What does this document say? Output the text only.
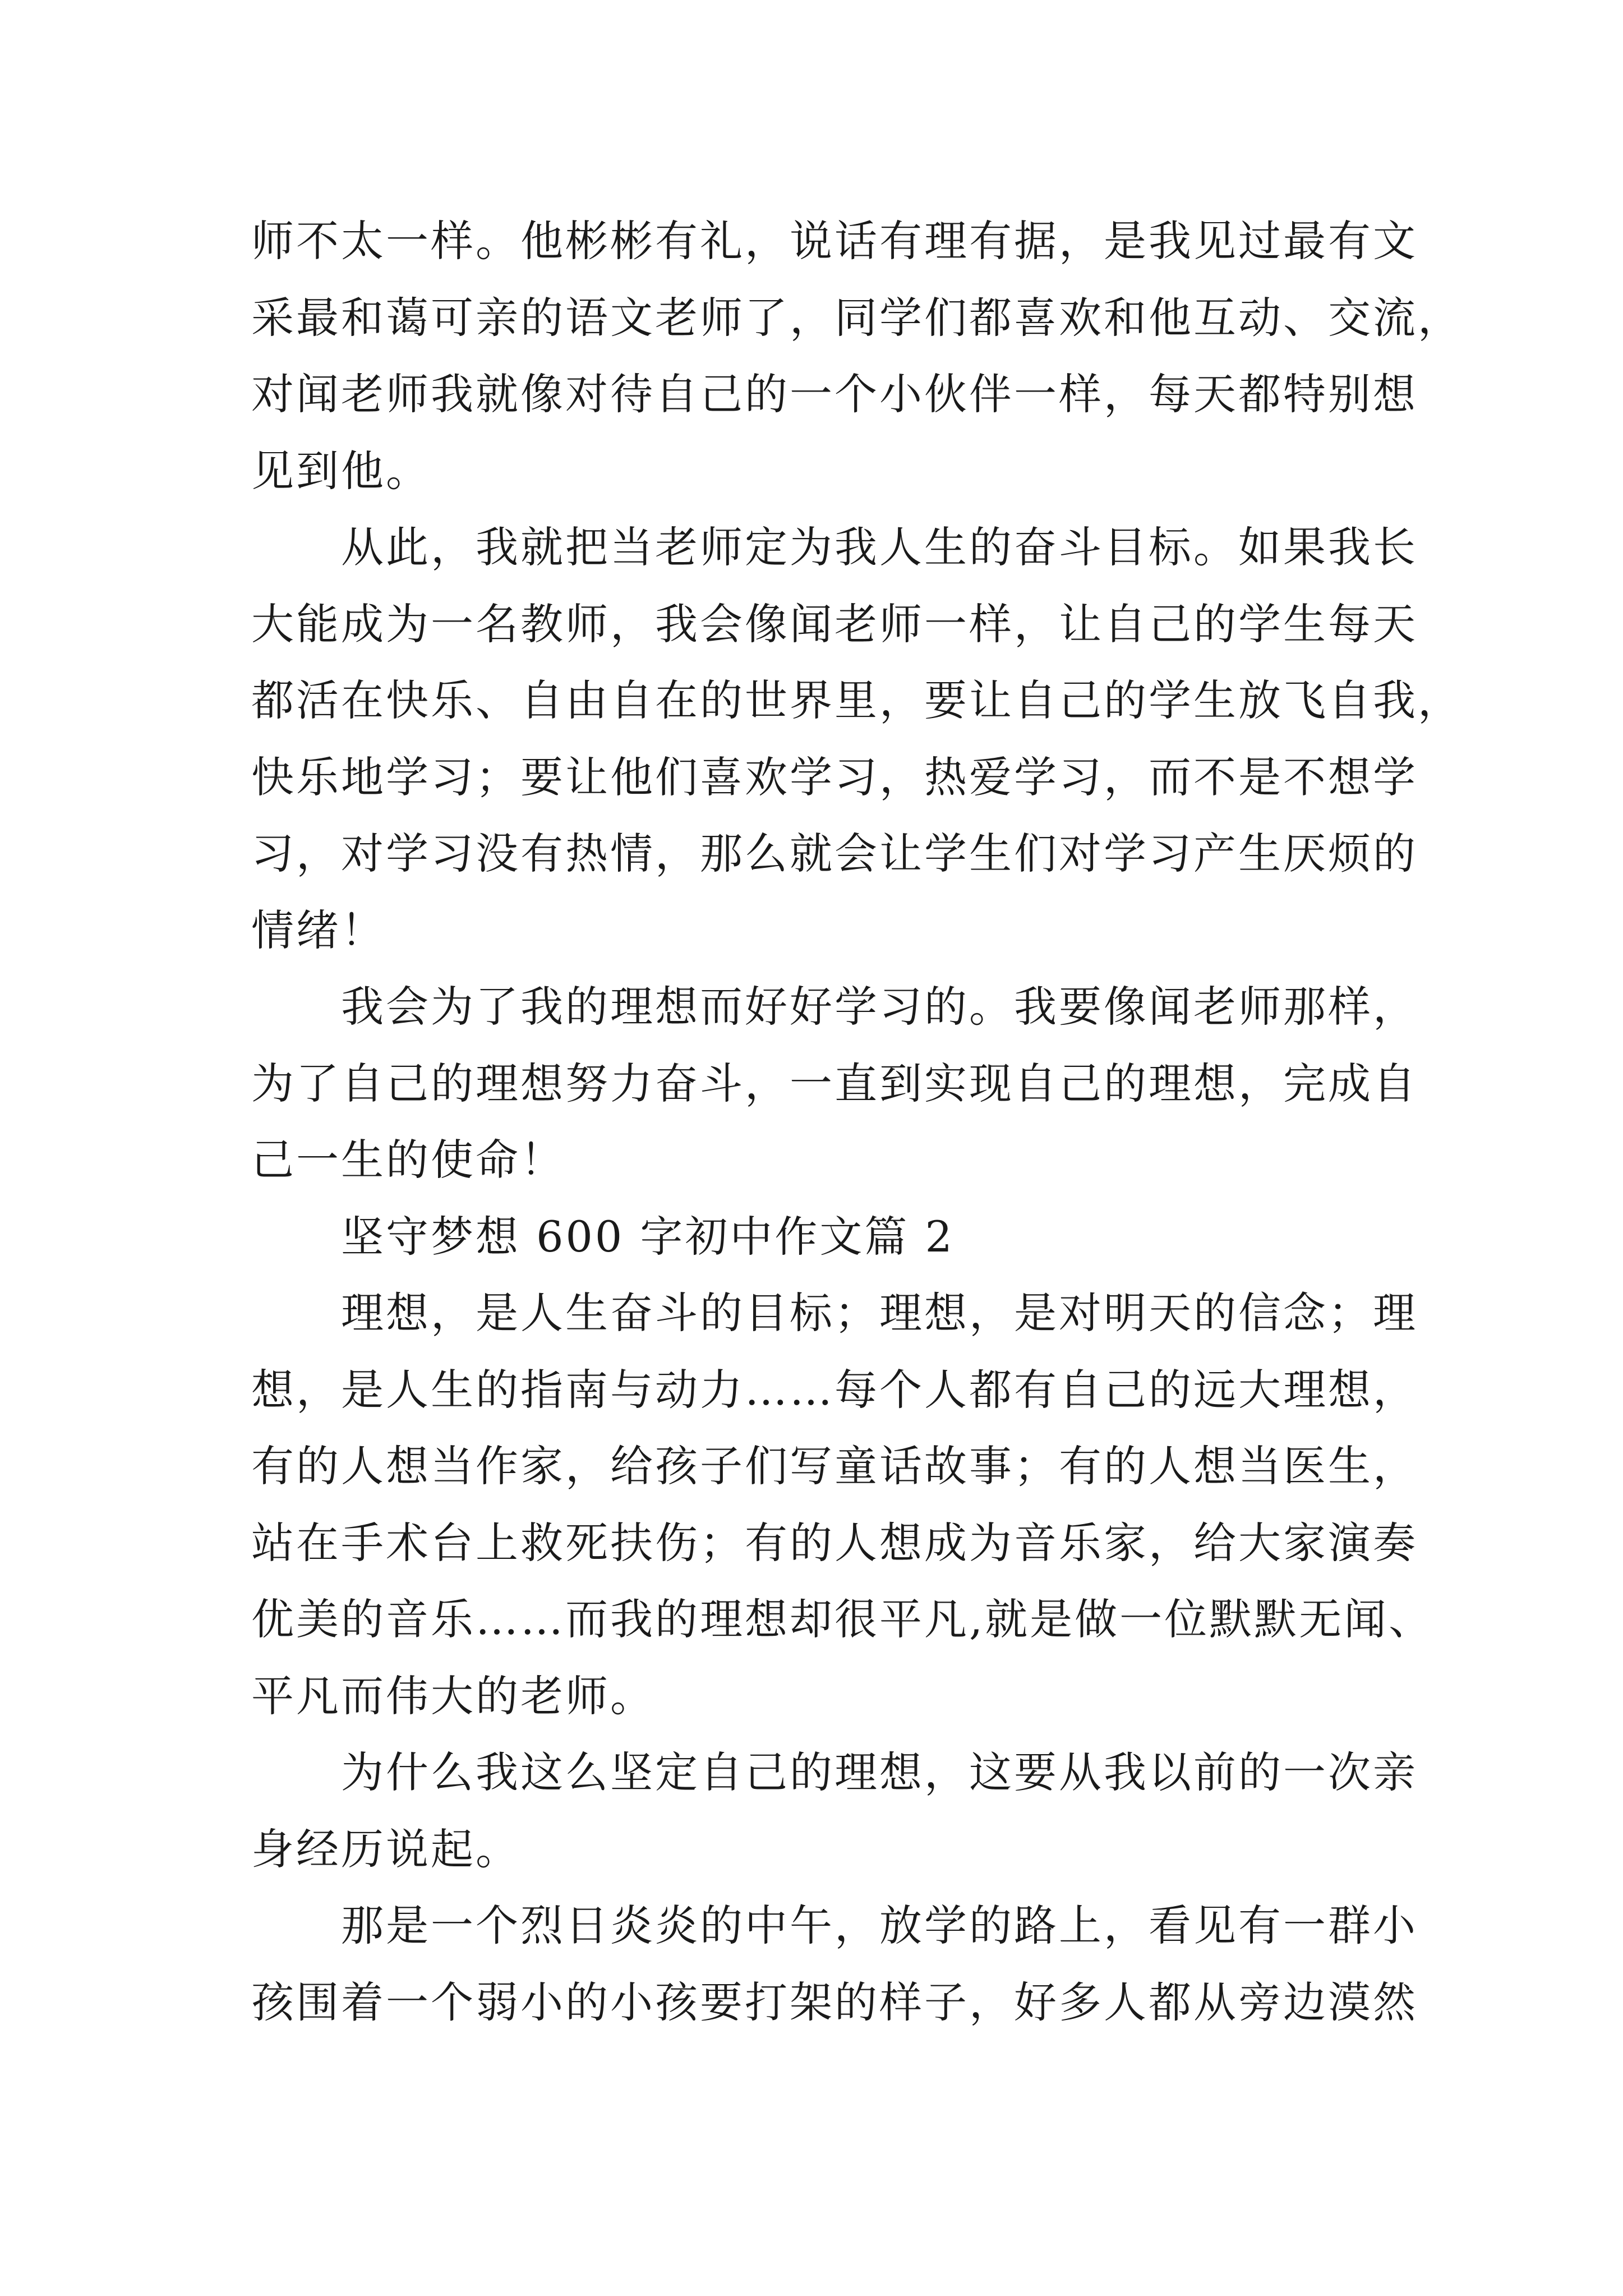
师不太一样。他彬彬有礼，说话有理有据，是我见过最有文
采最和蔼可亲的语文老师了，同学们都喜欢和他互动、交流，
对闻老师我就像对待自己的一个小伙伴一样，每天都特别想
见到他。
从此，我就把当老师定为我人生的奋斗目标。如果我长
大能成为一名教师，我会像闻老师一样，让自己的学生每天
都活在快乐、自由自在的世界里，要让自己的学生放飞自我，
快乐地学习；要让他们喜欢学习，热爱学习，而不是不想学
习，对学习没有热情，那么就会让学生们对学习产生厌烦的
情绪！
我会为了我的理想而好好学习的。我要像闻老师那样，
为了自己的理想努力奋斗，一直到实现自己的理想，完成自
己一生的使命！
坚守梦想 600 字初中作文篇 2
理想，是人生奋斗的目标；理想，是对明天的信念；理
想，是人生的指南与动力……每个人都有自己的远大理想，
有的人想当作家，给孩子们写童话故事；有的人想当医生，
站在手术台上救死扶伤；有的人想成为音乐家，给大家演奏
优美的音乐……而我的理想却很平凡,就是做一位默默无闻、
平凡而伟大的老师。
为什么我这么坚定自己的理想，这要从我以前的一次亲
身经历说起。
那是一个烈日炎炎的中午，放学的路上，看见有一群小
孩围着一个弱小的小孩要打架的样子，好多人都从旁边漠然
